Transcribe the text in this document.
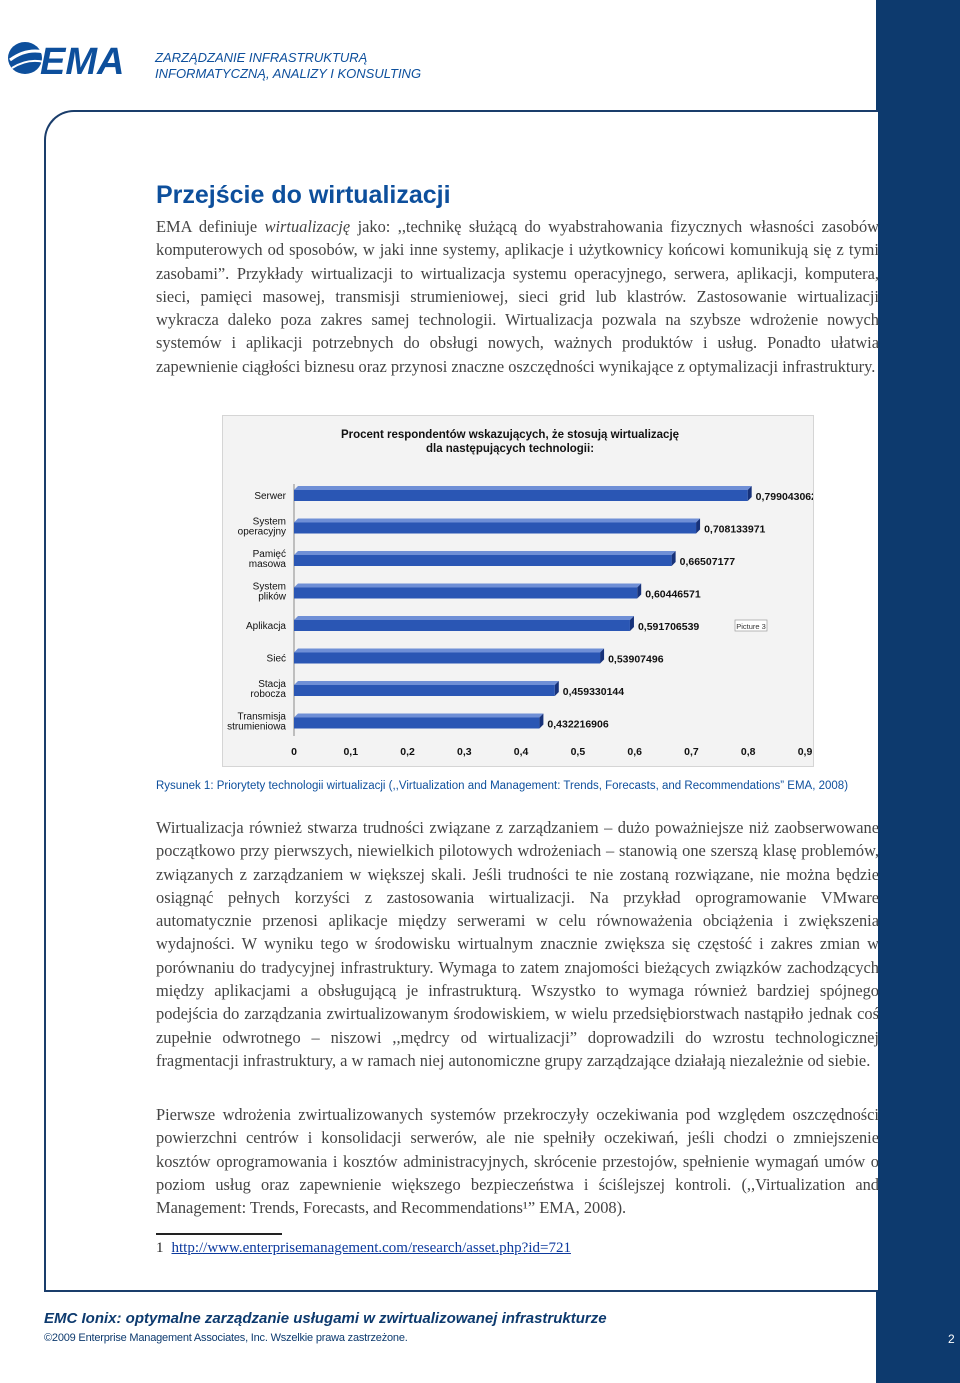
EMA ZARZĄDZANIE INFRASTRUKTURĄ
INFORMATYCZNĄ, ANALIZY I KONSULTING
Przejście do wirtualizacji

EMA definiuje wirtualizację jako: ,,technikę służącą do wyabstrahowania fizycznych własności zasobów komputerowych od sposobów, w jaki inne systemy, aplikacje i użytkownicy końcowi komunikują się z tymi zasobami”. Przykłady wirtualizacji to wirtualizacja systemu operacyjnego, serwera, aplikacji, komputera, sieci, pamięci masowej, transmisji strumieniowej, sieci grid lub klastrów. Zastosowanie wirtualizacji wykracza daleko poza zakres samej technologii. Wirtualizacja pozwala na szybsze wdrożenie nowych systemów i aplikacji potrzebnych do obsługi nowych, ważnych produktów i usług. Ponadto ułatwia zapewnienie ciągłości biznesu oraz przynosi znaczne oszczędności wynikające z optymalizacji infrastruktury.

Procent respondentów wskazujących, że stosują wirtualizację
dla następujących technologii:
0,799043062
Serwer
0,708133971
System
operacyjny
0,66507177
Pamięć
masowa
0,60446571
System
plików
0,591706539
Aplikacja
0,53907496
Sieć
0,459330144
Stacja
robocza
0,432216906
Transmisja
strumieniowa
0	0,1	0,2	0,3	0,4	0,5	0,6	0,7	0,8	0,9
Picture 3
Rysunek 1: Priorytety technologii wirtualizacji (,,Virtualization and Management: Trends, Forecasts, and Recommendations” EMA, 2008)

Wirtualizacja również stwarza trudności związane z zarządzaniem – dużo poważniejsze niż zaobserwowane początkowo przy pierwszych, niewielkich pilotowych wdrożeniach – stanowią one szerszą klasę problemów, związanych z zarządzaniem w większej skali. Jeśli trudności te nie zostaną rozwiązane, nie można będzie osiągnąć pełnych korzyści z zastosowania wirtualizacji. Na przykład oprogramowanie VMware automatycznie przenosi aplikacje między serwerami w celu równoważenia obciążenia i zwiększenia wydajności. W wyniku tego w środowisku wirtualnym znacznie zwiększa się częstość i zakres zmian w porównaniu do tradycyjnej infrastruktury. Wymaga to zatem znajomości bieżących związków zachodzących między aplikacjami a obsługującą je infrastrukturą. Wszystko to wymaga również bardziej spójnego podejścia do zarządzania zwirtualizowanym środowiskiem, w wielu przedsiębiorstwach nastąpiło jednak coś zupełnie odwrotnego – niszowi ,,mędrcy od wirtualizacji” doprowadzili do wzrostu technologicznej fragmentacji infrastruktury, a w ramach niej autonomiczne grupy zarządzające działają niezależnie od siebie.

Pierwsze wdrożenia zwirtualizowanych systemów przekroczyły oczekiwania pod względem oszczędności powierzchni centrów i konsolidacji serwerów, ale nie spełniły oczekiwań, jeśli chodzi o zmniejszenie kosztów oprogramowania i kosztów administracyjnych, skrócenie przestojów, spełnienie wymagań umów o poziom usług oraz zapewnienie większego bezpieczeństwa i ściślejszej kontroli. (,,Virtualization and Management: Trends, Forecasts, and Recommendations¹” EMA, 2008).

1 http://www.enterprisemanagement.com/research/asset.php?id=721
EMC Ionix: optymalne zarządzanie usługami w zwirtualizowanej infrastrukturze
©2009 Enterprise Management Associates, Inc. Wszelkie prawa zastrzeżone.	2
